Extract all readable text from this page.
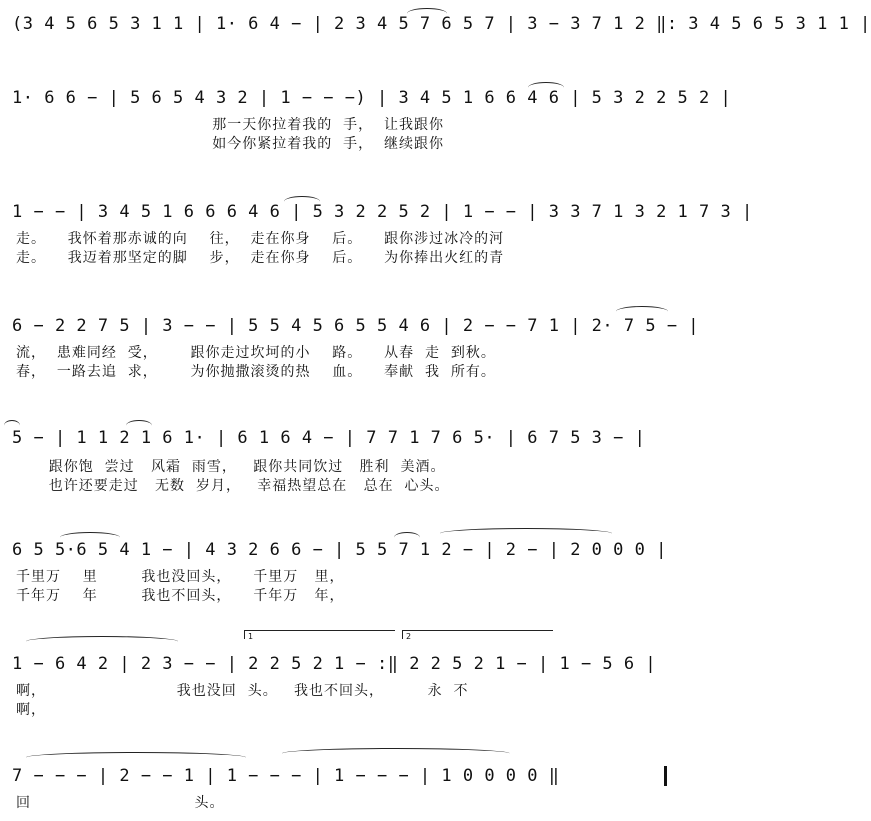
(3 4 5 6 5 3 1 1 | 1· 6 4 − | 2 3 4 5 7 6 5 7 | 3 − 3 7 1 2 ‖: 3 4 5 6 5 3 1 1 |
1· 6 6 − | 5 6 5 4 3 2 | 1 − − −) | 3 4 5 1 6 6 4 6 | 5 3 2 2 5 2 |
那一天你拉着我的  手，  让我跟你
如今你紧拉着我的  手，  继续跟你
1 − − | 3 4 5 1 6 6 6 4 6 | 5 3 2 2 5 2 | 1 − − | 3 3 7 1 3 2 1 7 3 |
走。    我怀着那赤诚的向    往，  走在你身    后。    跟你涉过冰冷的河
走。    我迈着那坚定的脚    步，  走在你身    后。    为你捧出火红的青
6 − 2 2 7 5 | 3 − − | 5 5 4 5 6 5 5 4 6 | 2 − − 7 1 | 2· 7 5 − |
流，  患难同经  受，      跟你走过坎坷的小    路。    从春  走  到秋。
春，  一路去追  求，      为你抛撒滚烫的热    血。    奉献  我  所有。
5 − | 1 1 2 1 6 1· | 6 1 6 4 − | 7 7 1 7 6 5· | 6 7 5 3 − |
跟你饱  尝过   风霜  雨雪，   跟你共同饮过   胜利  美酒。
也许还要走过   无数  岁月，   幸福热望总在   总在  心头。
6 5 5·6 5 4 1 − | 4 3 2 6 6 − | 5 5 7 1 2 − | 2 − | 2 0 0 0 |
千里万    里        我也没回头，    千里万   里，
千年万    年        我也不回头，    千年万   年，
1 − 6 4 2 | 2 3 − − | 2 2 5 2 1 − :‖ 2 2 5 2 1 − | 1 − 5 6 |
啊，                        我也没回  头。   我也不回头，        永  不
啊，
1	2
7 − − − | 2 − − 1 | 1 − − − | 1 − − − | 1 0 0 0 0 ‖
回                              头。
